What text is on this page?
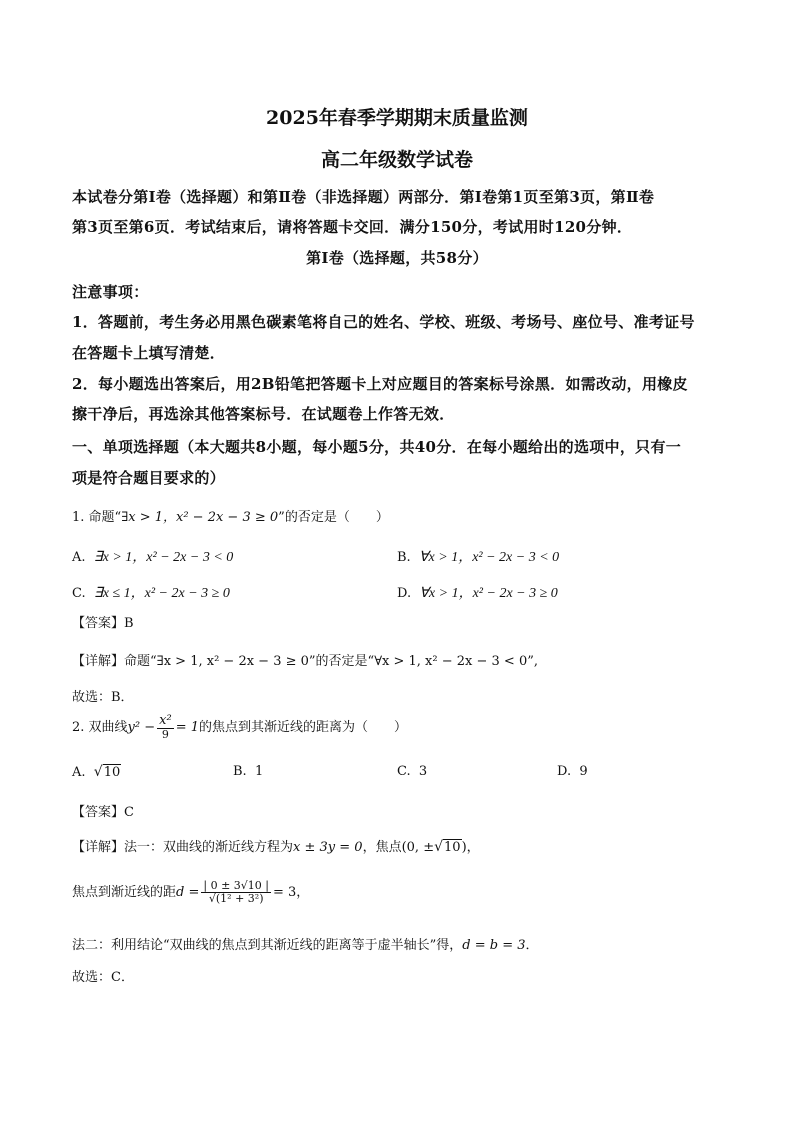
2025年春季学期期末质量监测
高二年级数学试卷
本试卷分第Ⅰ卷（选择题）和第Ⅱ卷（非选择题）两部分．第Ⅰ卷第1页至第3页，第Ⅱ卷
第3页至第6页．考试结束后，请将答题卡交回．满分150分，考试用时120分钟．
第Ⅰ卷（选择题，共58分）
注意事项：
1．答题前，考生务必用黑色碳素笔将自己的姓名、学校、班级、考场号、座位号、准考证号
在答题卡上填写清楚．
2．每小题选出答案后，用2B铅笔把答题卡上对应题目的答案标号涂黑．如需改动，用橡皮
擦干净后，再选涂其他答案标号．在试题卷上作答无效．
一、单项选择题（本大题共8小题，每小题5分，共40分．在每小题给出的选项中，只有一
项是符合题目要求的）
1. 命题“∃x > 1，x² − 2x − 3 ≥ 0”的否定是（　　）
A. ∃x > 1，x² − 2x − 3 < 0	B. ∀x > 1，x² − 2x − 3 < 0
C. ∃x ≤ 1，x² − 2x − 3 ≥ 0	D. ∀x > 1，x² − 2x − 3 ≥ 0
【答案】B
【详解】命题“∃x > 1, x² − 2x − 3 ≥ 0”的否定是“∀x > 1, x² − 2x − 3 < 0”,
故选：B．
2. 双曲线$y^2 - \frac{\text{x²}}{9} = 1$的焦点到其渐近线的距离为（　　）
A. √10	B. 1	C. 3	D. 9
【答案】C
【详解】法一：双曲线的渐近线方程为x ± 3y = 0，焦点(0, ±√10)，
焦点到渐近线的距$d = \frac{| 0 \pm 3√10 |}{\text{√(1² + 3²)}} = 3$，
法二：利用结论“双曲线的焦点到其渐近线的距离等于虚半轴长”得，d = b = 3．
故选：C．
